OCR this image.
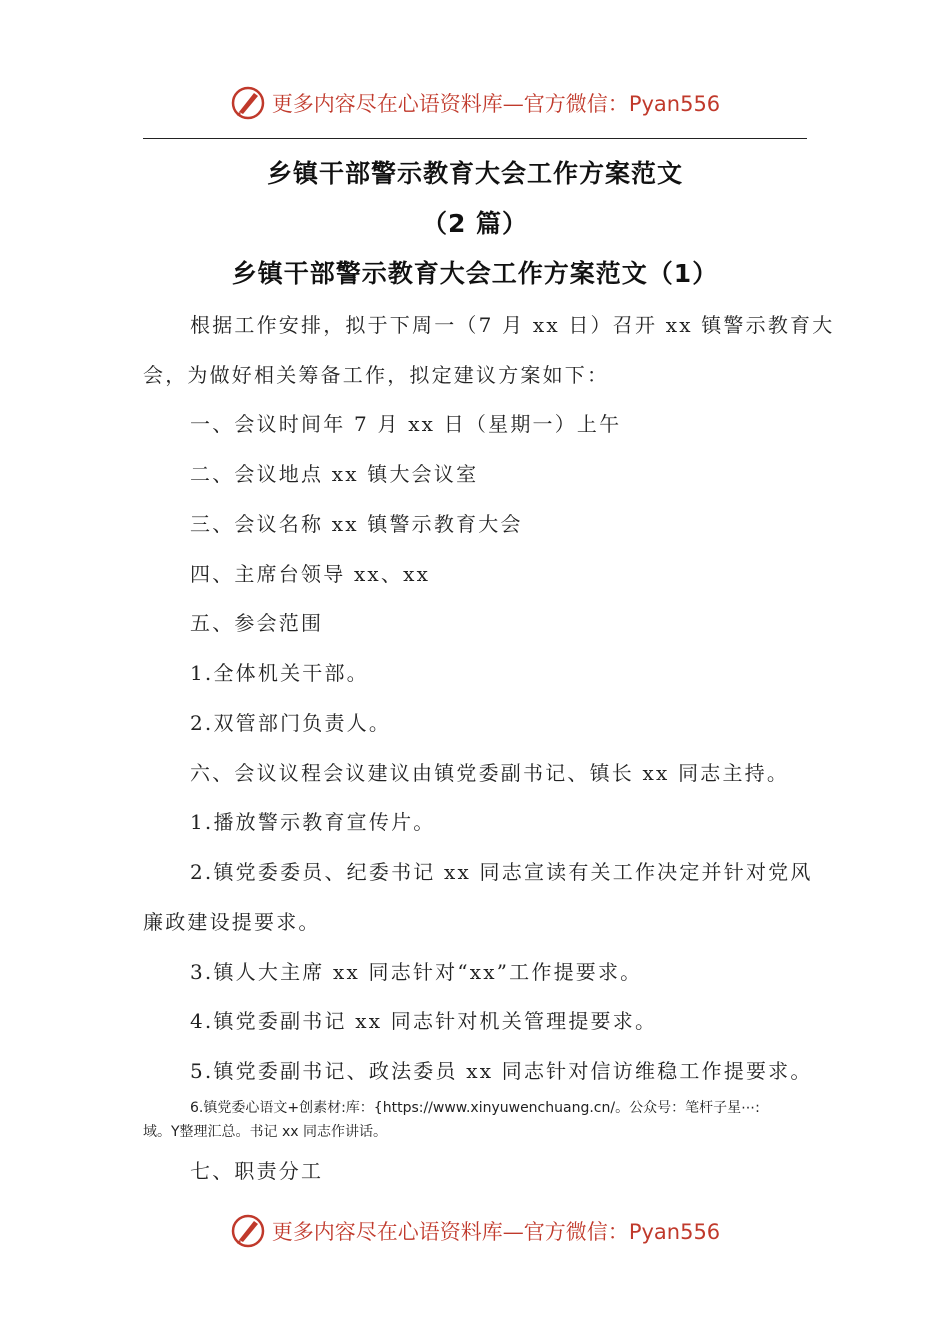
更多内容尽在心语资料库—官方微信：Pyan556
乡镇干部警示教育大会工作方案范文
（2 篇）
乡镇干部警示教育大会工作方案范文（1）
根据工作安排，拟于下周一（7 月 xx 日）召开 xx 镇警示教育大
会，为做好相关筹备工作，拟定建议方案如下：
一、会议时间年 7 月 xx 日（星期一）上午
二、会议地点 xx 镇大会议室
三、会议名称 xx 镇警示教育大会
四、主席台领导 xx、xx
五、参会范围
1.全体机关干部。
2.双管部门负责人。
六、会议议程会议建议由镇党委副书记、镇长 xx 同志主持。
1.播放警示教育宣传片。
2.镇党委委员、纪委书记 xx 同志宣读有关工作决定并针对党风
廉政建设提要求。
3.镇人大主席 xx 同志针对“xx”工作提要求。
4.镇党委副书记 xx 同志针对机关管理提要求。
5.镇党委副书记、政法委员 xx 同志针对信访维稳工作提要求。
6.镇党委心语文+创素材:库：{https://www.xinyuwenchuang.cn/。公众号：笔杆子星⋯:
域。Y整理汇总。书记 xx 同志作讲话。
七、职责分工
更多内容尽在心语资料库—官方微信：Pyan556
